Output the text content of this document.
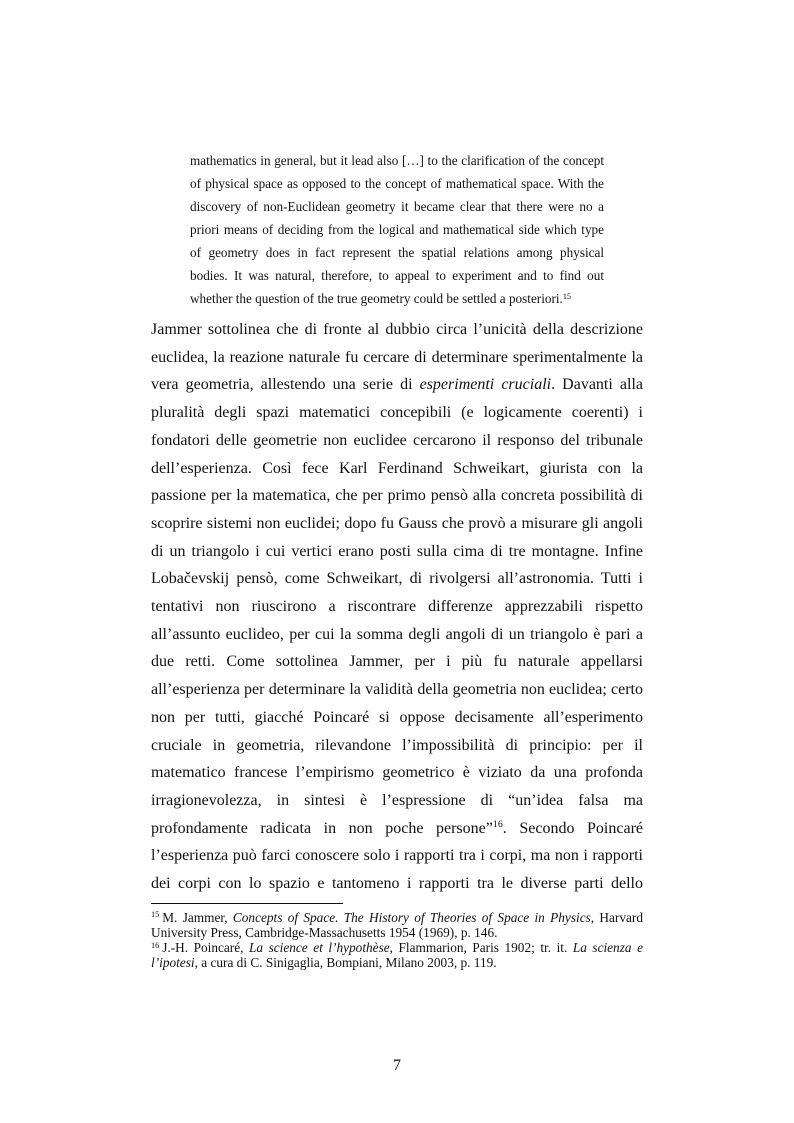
mathematics in general, but it lead also […] to the clarification of the concept
of physical space as opposed to the concept of mathematical space. With the
discovery of non-Euclidean geometry it became clear that there were no a
priori means of deciding from the logical and mathematical side which type
of geometry does in fact represent the spatial relations among physical
bodies. It was natural, therefore, to appeal to experiment and to find out
whether the question of the true geometry could be settled a posteriori.$^{15}$
Jammer sottolinea che di fronte al dubbio circa l’unicità della descrizione
euclidea, la reazione naturale fu cercare di determinare sperimentalmente la
vera geometria, allestendo una serie di esperimenti cruciali. Davanti alla
pluralità degli spazi matematici concepibili (e logicamente coerenti) i
fondatori delle geometrie non euclidee cercarono il responso del tribunale
dell’esperienza. Così fece Karl Ferdinand Schweikart, giurista con la
passione per la matematica, che per primo pensò alla concreta possibilità di
scoprire sistemi non euclidei; dopo fu Gauss che provò a misurare gli angoli
di un triangolo i cui vertici erano posti sulla cima di tre montagne. Infine
Lobačevskij pensò, come Schweikart, di rivolgersi all’astronomia. Tutti i
tentativi non riuscirono a riscontrare differenze apprezzabili rispetto
all’assunto euclideo, per cui la somma degli angoli di un triangolo è pari a
due retti. Come sottolinea Jammer, per i più fu naturale appellarsi
all’esperienza per determinare la validità della geometria non euclidea; certo
non per tutti, giacché Poincaré si oppose decisamente all’esperimento
cruciale in geometria, rilevandone l’impossibilità di principio: per il
matematico francese l’empirismo geometrico è viziato da una profonda
irragionevolezza, in sintesi è l’espressione di “un’idea falsa ma
profondamente radicata in non poche persone”$^{16}$. Secondo Poincaré
l’esperienza può farci conoscere solo i rapporti tra i corpi, ma non i rapporti
dei corpi con lo spazio e tantomeno i rapporti tra le diverse parti dello
$^{15}$ M. Jammer, Concepts of Space. The History of Theories of Space in Physics, Harvard
University Press, Cambridge-Massachusetts 1954 (1969), p. 146.
$^{16}$ J.-H. Poincaré, La science et l’hypothèse, Flammarion, Paris 1902; tr. it. La scienza e
l’ipotesi, a cura di C. Sinigaglia, Bompiani, Milano 2003, p. 119.
7
